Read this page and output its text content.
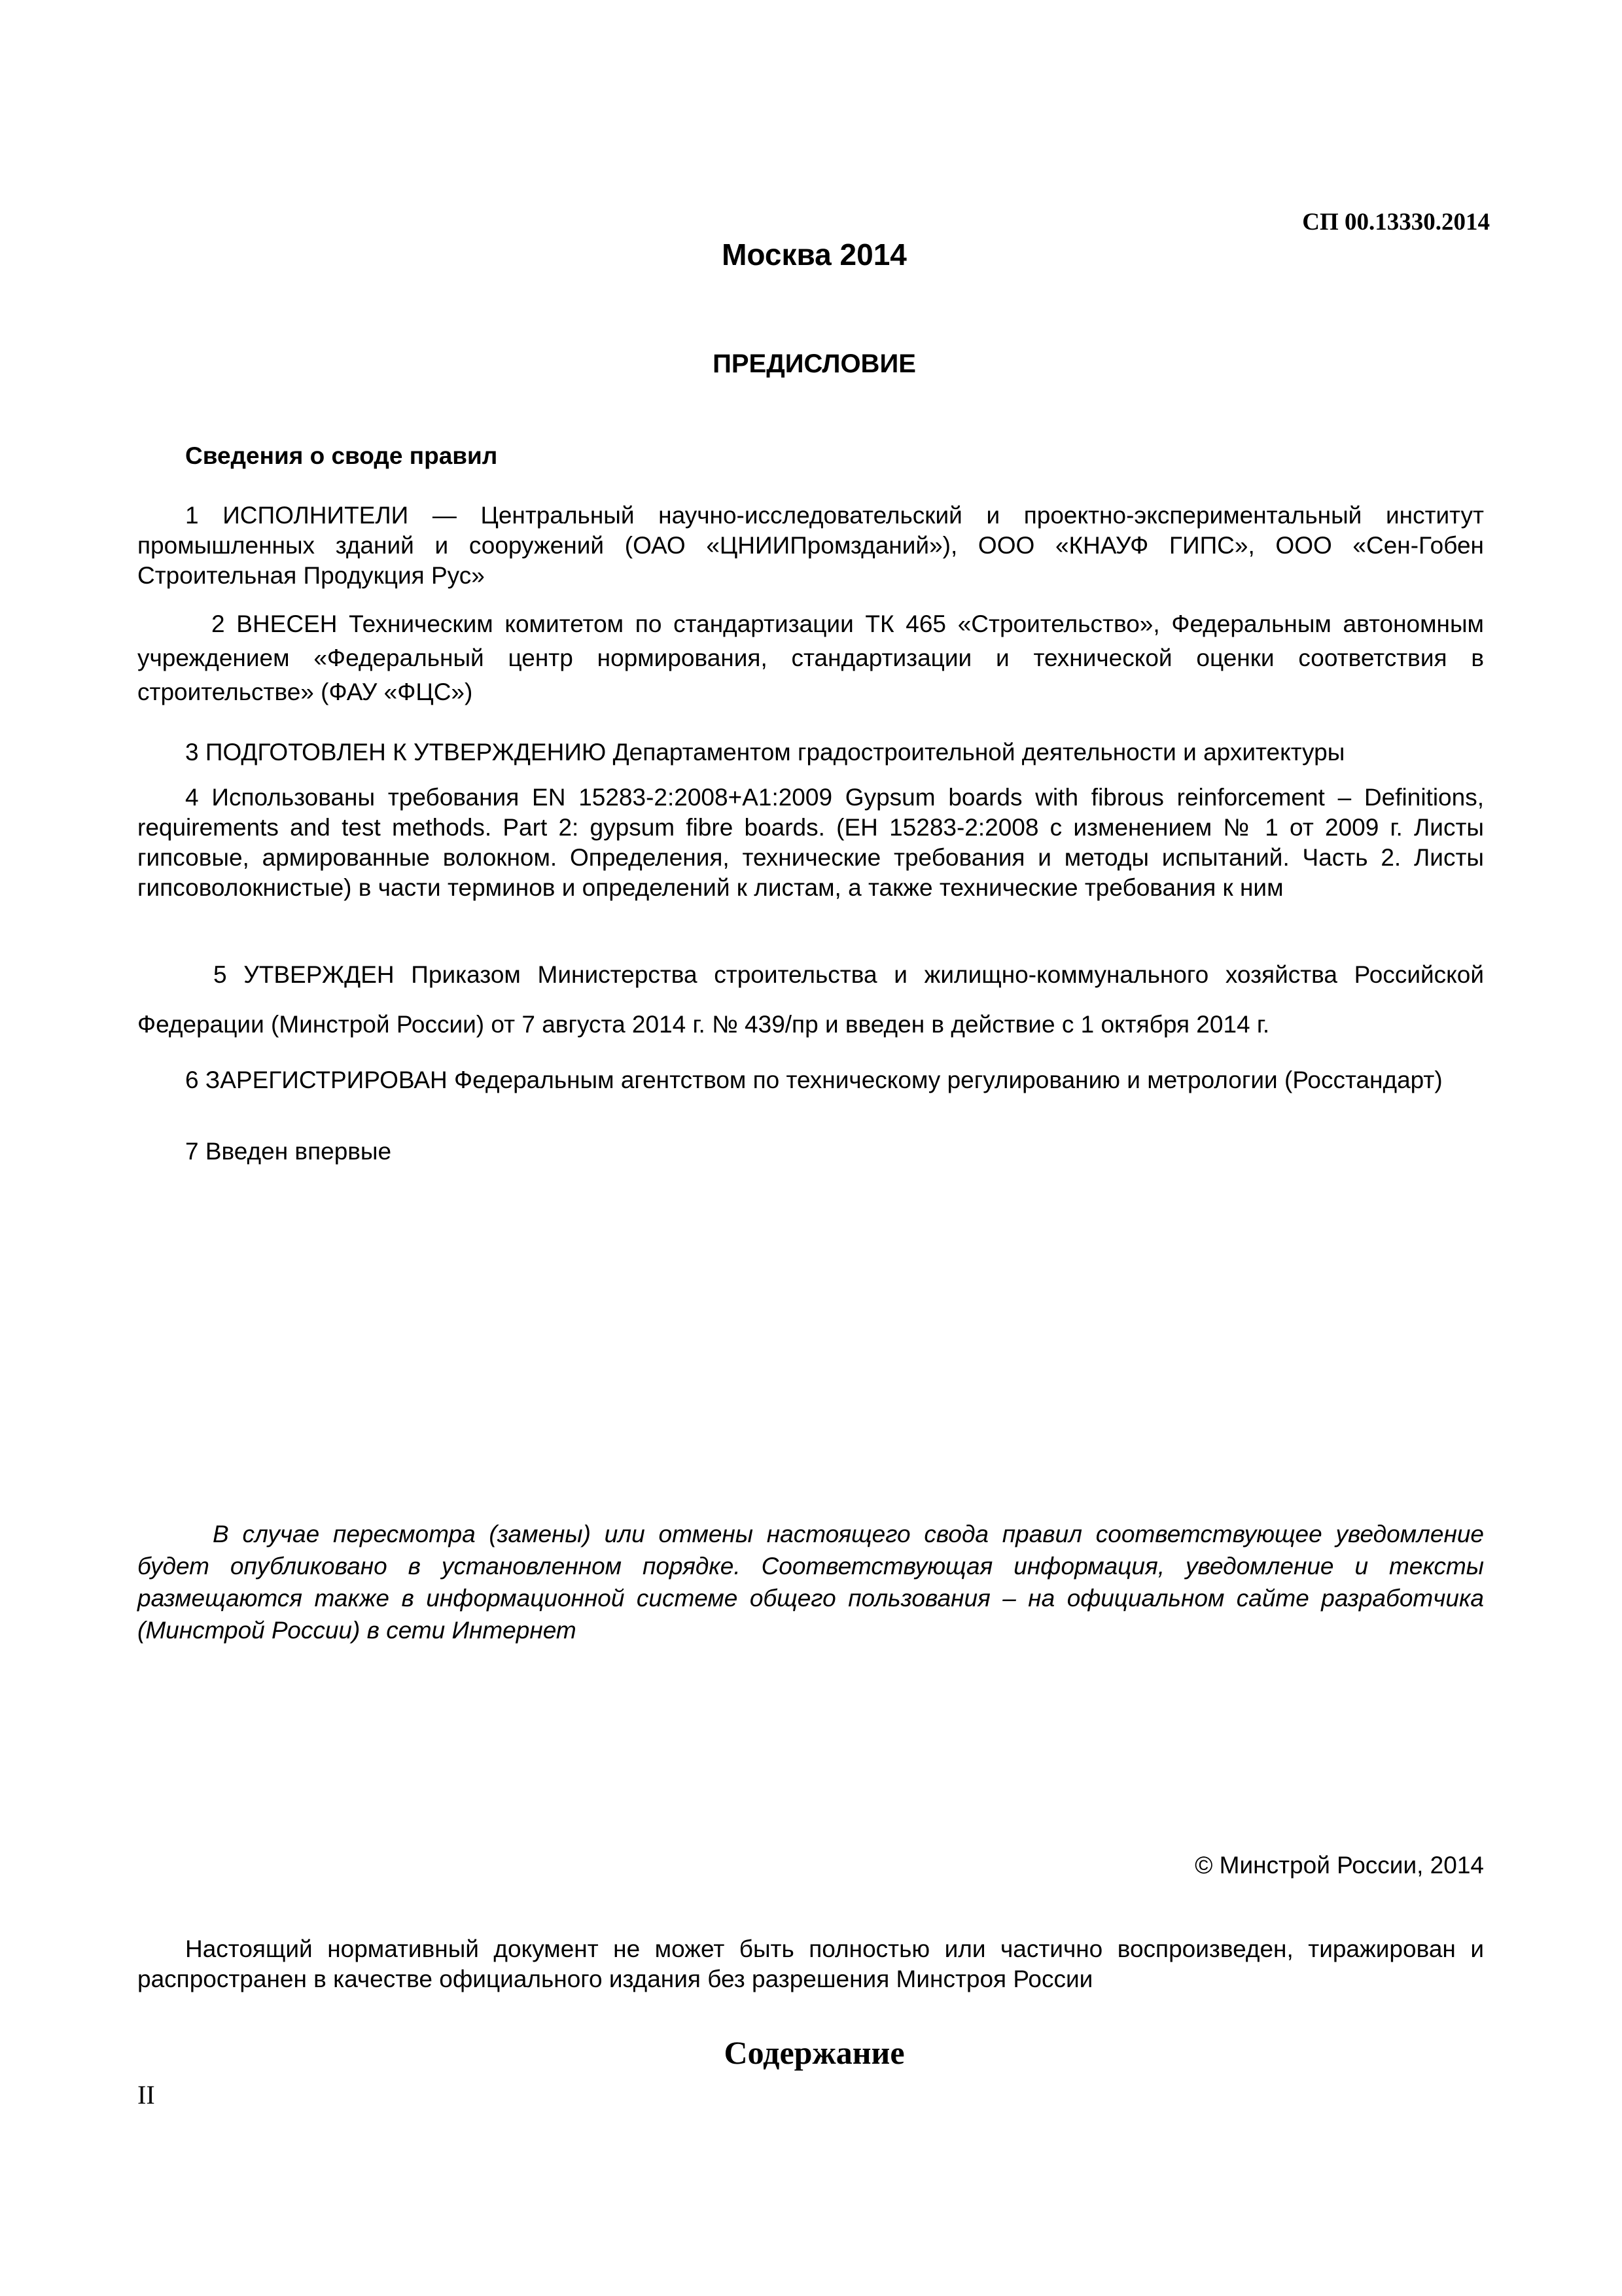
СП 00.13330.2014
Москва 2014
ПРЕДИСЛОВИЕ
Сведения о своде правил

1 ИСПОЛНИТЕЛИ — Центральный научно-исследовательский и проектно-экспериментальный институт промышленных зданий и сооружений (ОАО «ЦНИИПромзданий»), ООО «КНАУФ ГИПС», ООО «Сен-Гобен Строительная Продукция Рус»

2 ВНЕСЕН Техническим комитетом по стандартизации ТК 465 «Строительство», Федеральным автономным учреждением «Федеральный центр нормирования, стандартизации и технической оценки соответствия в строительстве» (ФАУ «ФЦС»)

3 ПОДГОТОВЛЕН К УТВЕРЖДЕНИЮ Департаментом градостроительной деятельности и архитектуры

4 Использованы требования EN 15283-2:2008+A1:2009 Gypsum boards with fibrous reinforcement – Definitions, requirements and test methods. Part 2: gypsum fibre boards. (ЕН 15283-2:2008 с изменением № 1 от 2009 г. Листы гипсовые, армированные волокном. Определения, технические требования и методы испытаний. Часть 2. Листы гипсоволокнистые) в части терминов и определений к листам, а также технические требования к ним

5 УТВЕРЖДЕН Приказом Министерства строительства и жилищно-коммунального хозяйства Российской Федерации (Минстрой России) от 7 августа 2014 г. № 439/пр и введен в действие с 1 октября 2014 г.

6 ЗАРЕГИСТРИРОВАН Федеральным агентством по техническому регулированию и метрологии (Росстандарт)

7 Введен впервые

В случае пересмотра (замены) или отмены настоящего свода правил соответствующее уведомление будет опубликовано в установленном порядке. Соответствующая информация, уведомление и тексты размещаются также в информационной системе общего пользования – на официальном сайте разработчика (Минстрой России) в сети Интернет

© Минстрой России, 2014

Настоящий нормативный документ не может быть полностью или частично воспроизведен, тиражирован и распространен в качестве официального издания без разрешения Минстроя России

Содержание
II
